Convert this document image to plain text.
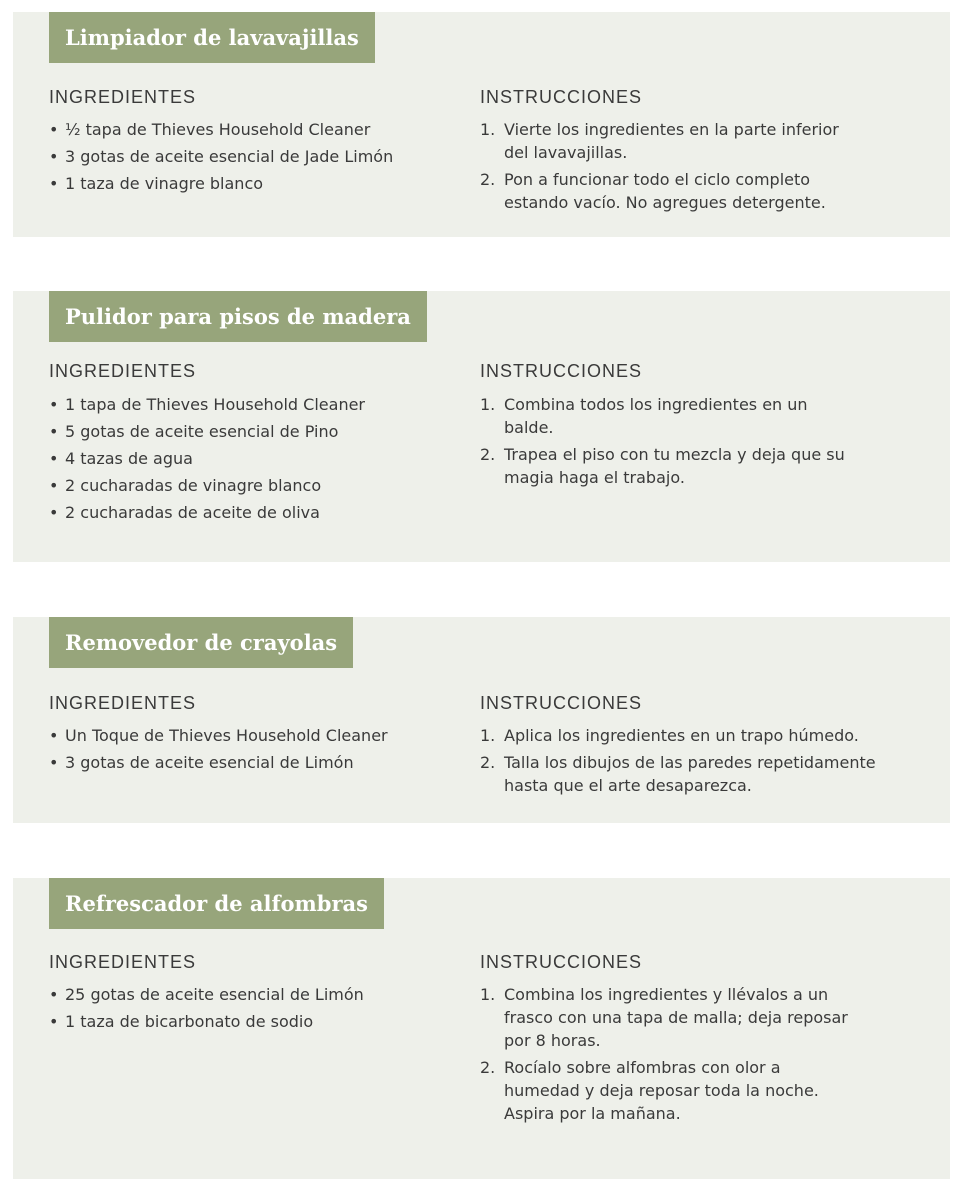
Limpiador de lavavajillas
INGREDIENTES	INSTRUCCIONES
• ½ tapa de Thieves Household Cleaner
• 3 gotas de aceite esencial de Jade Limón
• 1 taza de vinagre blanco
1. Vierte los ingredientes en la parte inferior del lavavajillas.
2. Pon a funcionar todo el ciclo completo estando vacío. No agregues detergente.
Pulidor para pisos de madera
INGREDIENTES	INSTRUCCIONES
• 1 tapa de Thieves Household Cleaner
• 5 gotas de aceite esencial de Pino
• 4 tazas de agua
• 2 cucharadas de vinagre blanco
• 2 cucharadas de aceite de oliva
1. Combina todos los ingredientes en un balde.
2. Trapea el piso con tu mezcla y deja que su magia haga el trabajo.
Removedor de crayolas
INGREDIENTES	INSTRUCCIONES
• Un Toque de Thieves Household Cleaner
• 3 gotas de aceite esencial de Limón
1. Aplica los ingredientes en un trapo húmedo.
2. Talla los dibujos de las paredes repetidamente hasta que el arte desaparezca.
Refrescador de alfombras
INGREDIENTES	INSTRUCCIONES
• 25 gotas de aceite esencial de Limón
• 1 taza de bicarbonato de sodio
1. Combina los ingredientes y llévalos a un frasco con una tapa de malla; deja reposar por 8 horas.
2. Rocíalo sobre alfombras con olor a humedad y deja reposar toda la noche. Aspira por la mañana.
